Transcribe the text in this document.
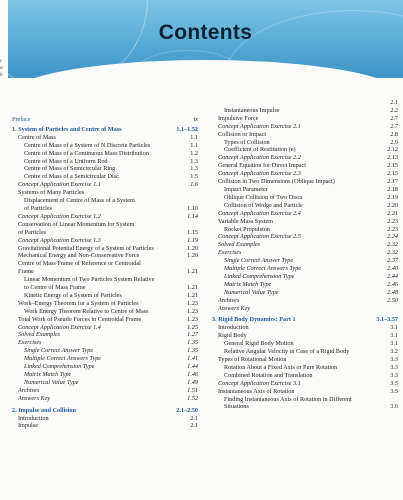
ε
α
6
Contents
Preface	ix
1. System of Particles and Centre of Mass	1.1–1.52
Centre of Mass	1.1
Centre of Mass of a System of N Discrete Particles	1.1
Centre of Mass of a Continuous Mass Distribution	1.2
Centre of Mass of a Uniform Rod	1.3
Centre of Mass of Semicircular Ring	1.3
Centre of Mass of a Semicircular Disc	1.5
Concept Application Exercise 1.1	1.6
Systems of Many Particles
Displacement of Centre of Mass of a System
of Particles	1.10
Concept Application Exercise 1.2	1.14
Conservation of Linear Momentum for System
of Particles	1.15
Concept Application Exercise 1.3	1.19
Gravitational Potential Energy of a System of Particles	1.20
Mechanical Energy and Non-Conservative Force	1.20
Centre of Mass Frame of Reference or Centroidal
Frame	1.21
Linear Momentum of Two Particles System Relative
to Centre of Mass Frame	1.21
Kinetic Energy of a System of Particles	1.21
Work–Energy Theorem for a System of Particles	1.23
Work Energy Theorem Relative to Centre of Mass	1.23
Total Work of Pseudo Forces in Centroidal Frame	1.23
Concept Application Exercise 1.4	1.25
Solved Examples	1.27
Exercises	1.35
Single Correct Answer Type	1.35
Multiple Correct Answers Type	1.41
Linked Comprehension Type	1.44
Matrix Match Type	1.46
Numerical Value Type	1.49
Archives	1.51
Answers Key	1.52
2. Impulse and Collision	2.1–2.50
Introduction	2.1
Impulse	2.1
2.1
Instantaneous Impulse	2.2
Impulsive Force	2.7
Concept Application Exercise 2.1	2.7
Collision or Impact	2.8
Types of Collision	2.9
Coefficient of Restitution (e)	2.12
Concept Application Exercise 2.2	2.13
General Equation for Direct Impact	2.15
Concept Application Exercise 2.3	2.15
Collision in Two Dimensions (Oblique Impact)	2.17
Impact Parameter	2.18
Oblique Collision of Two Discs	2.19
Collision of Wedge and Particle	2.20
Concept Application Exercise 2.4	2.21
Variable Mass System	2.23
Rocket Propulsion	2.23
Concept Application Exercise 2.5	2.24
Solved Examples	2.32
Exercises	2.32
Single Correct Answer Type	2.37
Multiple Correct Answers Type	2.40
Linked Comprehension Type	2.44
Matrix Match Type	2.46
Numerical Value Type	2.48
Archives	2.50
Answers Key
3. Rigid Body Dynamics: Part 1	3.1–3.57
Introduction	3.1
Rigid Body	3.1
General Rigid Body Motion	3.1
Relative Angular Velocity in Case of a Rigid Body	3.2
Types of Rotational Motion	3.3
Rotation About a Fixed Axis or Pure Rotation	3.3
Combined Rotation and Translation	3.3
Concept Application Exercise 3.1	3.5
Instantaneous Axis of Rotation	3.5
Finding Instantaneous Axis of Rotation in Different
Situations	3.6
